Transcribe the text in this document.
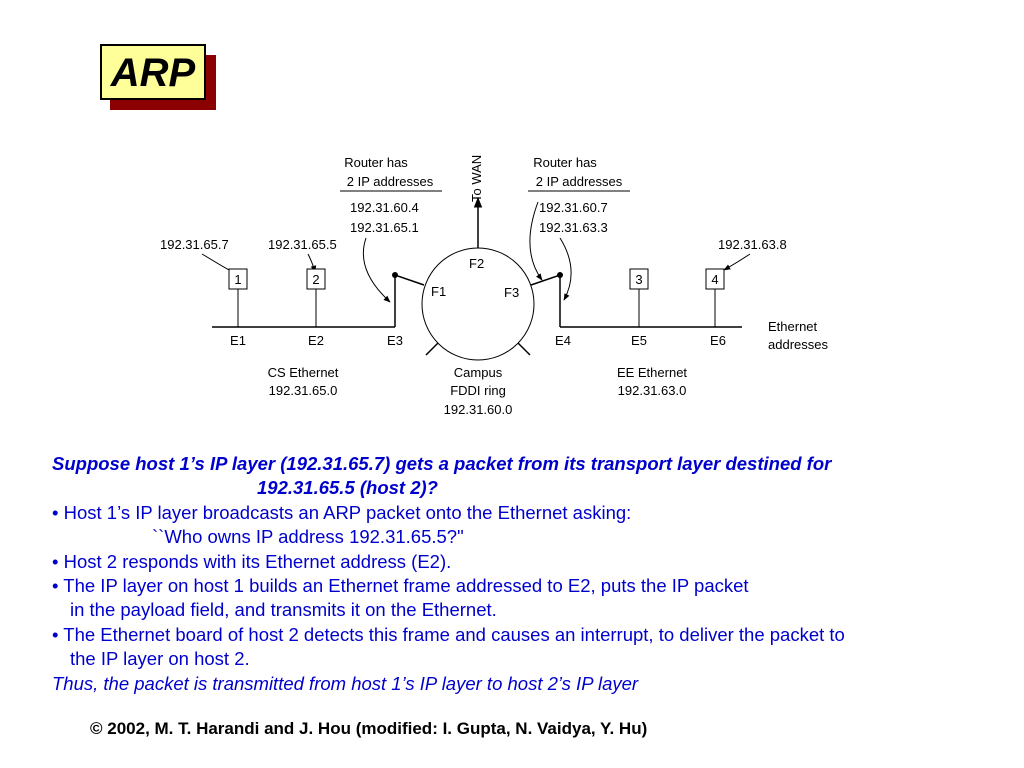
ARP
Router has
2 IP addresses
192.31.60.4
192.31.65.1
Router has
2 IP addresses
192.31.60.7
192.31.63.3
To WAN
192.31.65.7	192.31.65.5	192.31.63.8
1	2	3	4
F1
F2
F3
E1	E2	E3	E4	E5	E6
Ethernet
addresses
CS Ethernet
192.31.65.0
Campus
FDDI ring
192.31.60.0
EE Ethernet
192.31.63.0
Suppose host 1’s IP layer (192.31.65.7) gets a packet from its transport layer destined for
192.31.65.5 (host 2)?
• Host 1’s IP layer broadcasts an ARP packet onto the Ethernet asking:
``Who owns IP address 192.31.65.5?"
• Host 2 responds with its Ethernet address (E2).
• The IP layer on host 1 builds an Ethernet frame addressed to E2, puts the IP packet
in the payload field, and transmits it on the Ethernet.
• The Ethernet board of host 2 detects this frame and causes an interrupt, to deliver the packet to
the IP layer on host 2.
Thus, the packet is transmitted from host 1’s IP layer to host 2’s IP layer
© 2002, M. T. Harandi and J. Hou (modified: I. Gupta, N. Vaidya, Y. Hu)
